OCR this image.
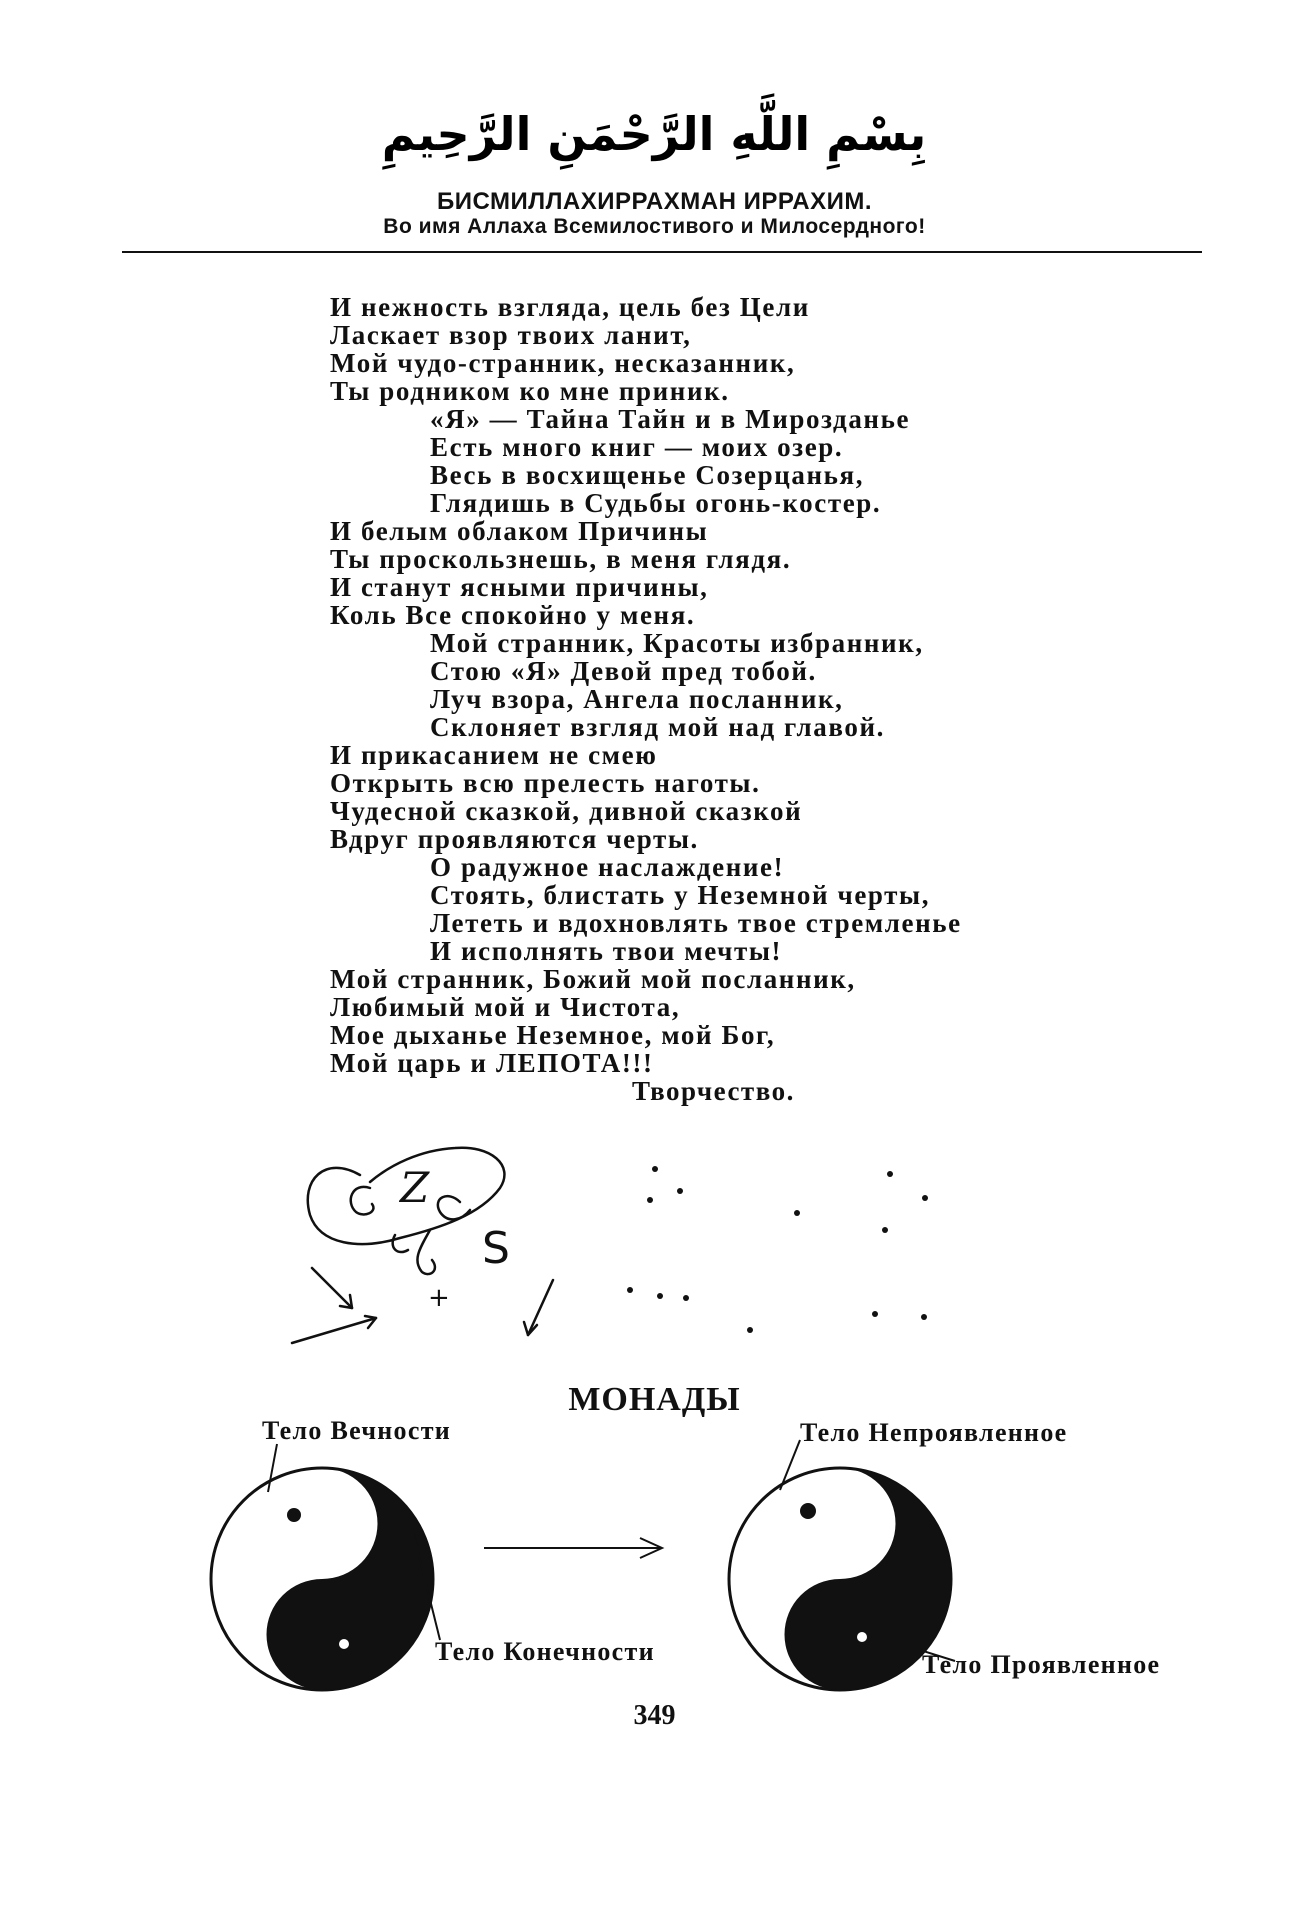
بِسْمِ اللَّهِ الرَّحْمَنِ الرَّحِيمِ
БИСМИЛЛАХИРРАХМАН ИРРАХИМ.
Во имя Аллаха Всемилостивого и Милосердного!
И нежность взгляда, цель без Цели
Ласкает взор твоих ланит,
Мой чудо-странник, несказанник,
Ты родником ко мне приник.
«Я» — Тайна Тайн и в Мирозданье
Есть много книг — моих озер.
Весь в восхищенье Созерцанья,
Глядишь в Судьбы огонь-костер.
И белым облаком Причины
Ты проскользнешь, в меня глядя.
И станут ясными причины,
Коль Все спокойно у меня.
Мой странник, Красоты избранник,
Стою «Я» Девой пред тобой.
Луч взора, Ангела посланник,
Склоняет взгляд мой над главой.
И прикасанием не смею
Открыть всю прелесть наготы.
Чудесной сказкой, дивной сказкой
Вдруг проявляются черты.
О радужное наслаждение!
Стоять, блистать у Неземной черты,
Лететь и вдохновлять твое стремленье
И исполнять твои мечты!
Мой странник, Божий мой посланник,
Любимый мой и Чистота,
Мое дыханье Неземное, мой Бог,
Мой царь и ЛЕПОТА!!!
Творчество.
Z
S
+
МОНАДЫ
Тело Вечности	Тело Непроявленное
Тело Конечности	Тело Проявленное
349
